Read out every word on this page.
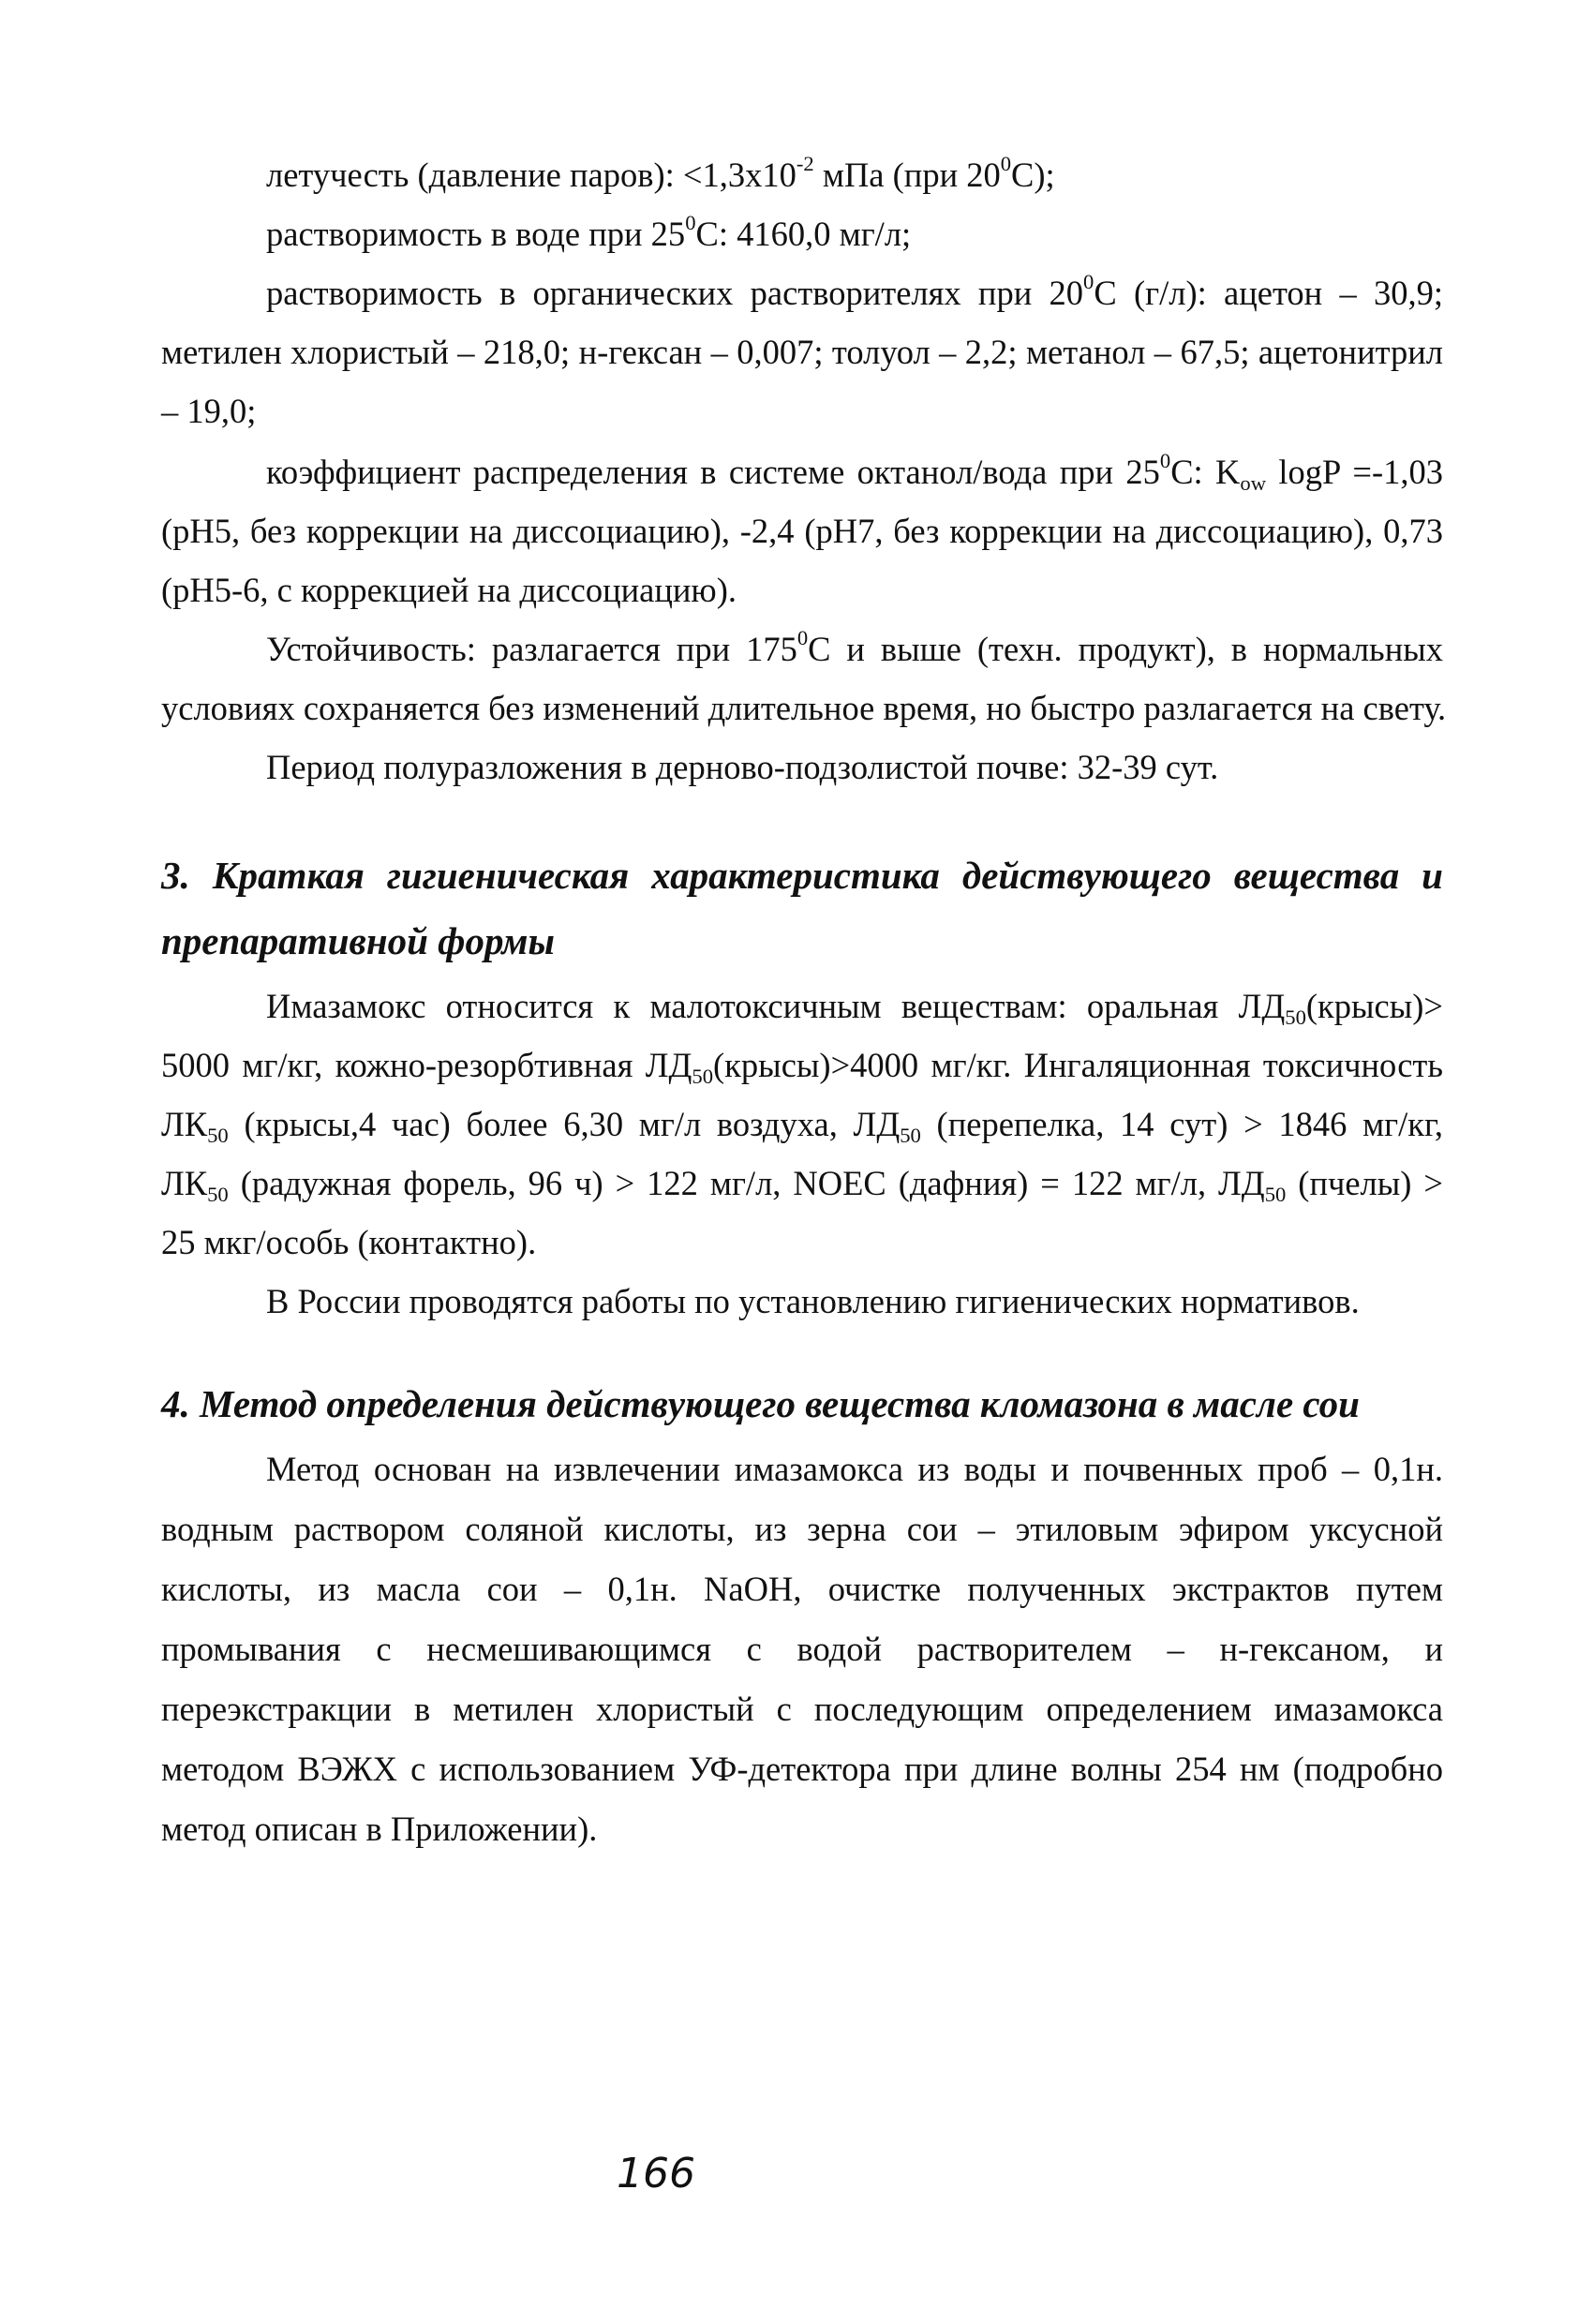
летучесть (давление паров): $<1,3х10^{-2}$ мПа (при $20^0С$);
растворимость в воде при $25^0С$: 4160,0 мг/л;
растворимость в органических растворителях при $20^0С$ (г/л): ацетон – 30,9;
метилен хлористый – 218,0; н-гексан – 0,007; толуол – 2,2; метанол – 67,5; ацетонитрил
– 19,0;
коэффициент распределения в системе октанол/вода при $25^0С$: $K_{ow}$ logP =-1,03
(рН5, без коррекции на диссоциацию), -2,4 (рН7, без коррекции на диссоциацию), 0,73
(рН5-6, с коррекцией на диссоциацию).
Устойчивость: разлагается при $175^0С$ и выше (техн. продукт), в нормальных
условиях сохраняется без изменений длительное время, но быстро разлагается на свету.
Период полуразложения в дерново-подзолистой почве: 32-39 сут.
3. Краткая гигиеническая характеристика действующего вещества и
препаративной формы
Имазамокс относится к малотоксичным веществам: оральная $ЛД_{50}(крысы)>$
5000 мг/кг, кожно-резорбтивная $ЛД_{50}(крысы)>4000$ мг/кг. Ингаляционная токсичность
$ЛК_{50}$ (крысы,4 час) более 6,30 мг/л воздуха, $ЛД_{50}$ (перепелка, 14 сут) > 1846 мг/кг,
$ЛК_{50}$ (радужная форель, 96 ч) > 122 мг/л, NOEC (дафния) = 122 мг/л, $ЛД_{50}$ (пчелы) >
25 мкг/особь (контактно).
В России проводятся работы по установлению гигиенических нормативов.
4. Метод определения действующего вещества кломазона в масле сои
Метод основан на извлечении имазамокса из воды и почвенных проб – 0,1н.
водным раствором соляной кислоты, из зерна сои – этиловым эфиром уксусной
кислоты, из масла сои – 0,1н. NaOH, очистке полученных экстрактов путем
промывания с несмешивающимся с водой растворителем – н-гексаном, и
переэкстракции в метилен хлористый с последующим определением имазамокса
методом ВЭЖХ с использованием УФ-детектора при длине волны 254 нм (подробно
метод описан в Приложении).
166
